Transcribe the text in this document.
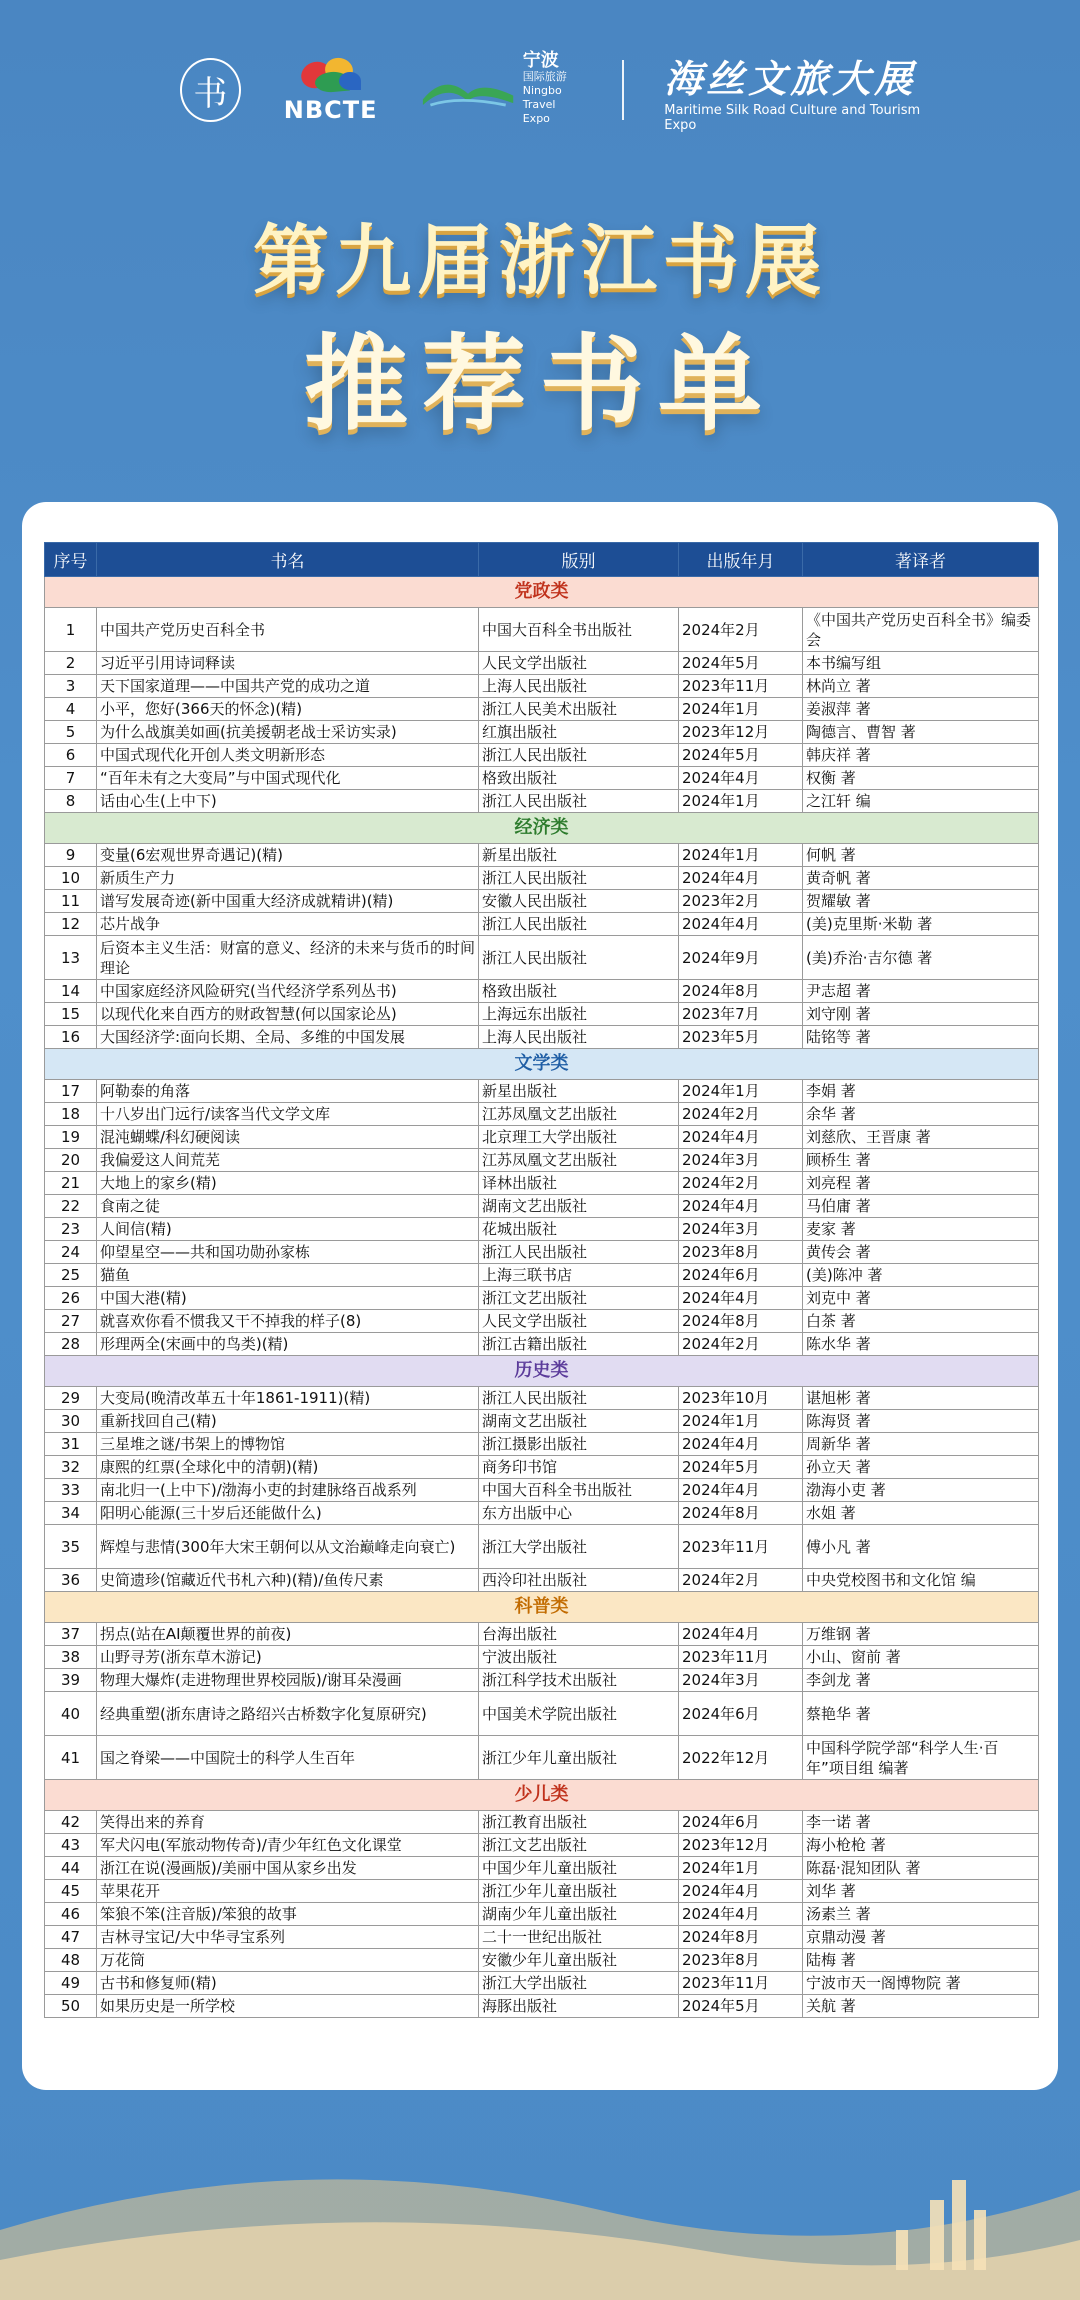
书 NBCTE
宁波
国际旅游
Ningbo
Travel Expo
海丝文旅大展
Maritime Silk Road Culture and Tourism Expo
第九届浙江书展
推荐书单
序号	书名	版别	出版年月	著译者
党政类				
1	中国共产党历史百科全书	中国大百科全书出版社	2024年2月	《中国共产党历史百科全书》编委会
2	习近平引用诗词释读	人民文学出版社	2024年5月	本书编写组
3	天下国家道理——中国共产党的成功之道	上海人民出版社	2023年11月	林尚立 著
4	小平，您好(366天的怀念)(精)	浙江人民美术出版社	2024年1月	姜淑萍 著
5	为什么战旗美如画(抗美援朝老战士采访实录)	红旗出版社	2023年12月	陶德言、曹智 著
6	中国式现代化开创人类文明新形态	浙江人民出版社	2024年5月	韩庆祥 著
7	“百年未有之大变局”与中国式现代化	格致出版社	2024年4月	权衡 著
8	话由心生(上中下)	浙江人民出版社	2024年1月	之江轩 编
经济类				
9	变量(6宏观世界奇遇记)(精)	新星出版社	2024年1月	何帆 著
10	新质生产力	浙江人民出版社	2024年4月	黄奇帆 著
11	谱写发展奇迹(新中国重大经济成就精讲)(精)	安徽人民出版社	2023年2月	贺耀敏 著
12	芯片战争	浙江人民出版社	2024年4月	(美)克里斯·米勒 著
13	后资本主义生活：财富的意义、经济的未来与货币的时间理论	浙江人民出版社	2024年9月	(美)乔治·吉尔德 著
14	中国家庭经济风险研究(当代经济学系列丛书)	格致出版社	2024年8月	尹志超 著
15	以现代化来自西方的财政智慧(何以国家论丛)	上海远东出版社	2023年7月	刘守刚 著
16	大国经济学:面向长期、全局、多维的中国发展	上海人民出版社	2023年5月	陆铭等 著
文学类				
17	阿勒泰的角落	新星出版社	2024年1月	李娟 著
18	十八岁出门远行/读客当代文学文库	江苏凤凰文艺出版社	2024年2月	余华 著
19	混沌蝴蝶/科幻硬阅读	北京理工大学出版社	2024年4月	刘慈欣、王晋康 著
20	我偏爱这人间荒芜	江苏凤凰文艺出版社	2024年3月	顾桥生 著
21	大地上的家乡(精)	译林出版社	2024年2月	刘亮程 著
22	食南之徒	湖南文艺出版社	2024年4月	马伯庸 著
23	人间信(精)	花城出版社	2024年3月	麦家 著
24	仰望星空——共和国功勋孙家栋	浙江人民出版社	2023年8月	黄传会 著
25	猫鱼	上海三联书店	2024年6月	(美)陈冲 著
26	中国大港(精)	浙江文艺出版社	2024年4月	刘克中 著
27	就喜欢你看不惯我又干不掉我的样子(8)	人民文学出版社	2024年8月	白茶 著
28	形理两全(宋画中的鸟类)(精)	浙江古籍出版社	2024年2月	陈水华 著
历史类				
29	大变局(晚清改革五十年1861-1911)(精)	浙江人民出版社	2023年10月	谌旭彬 著
30	重新找回自己(精)	湖南文艺出版社	2024年1月	陈海贤 著
31	三星堆之谜/书架上的博物馆	浙江摄影出版社	2024年4月	周新华 著
32	康熙的红票(全球化中的清朝)(精)	商务印书馆	2024年5月	孙立天 著
33	南北归一(上中下)/渤海小吏的封建脉络百战系列	中国大百科全书出版社	2024年4月	渤海小吏 著
34	阳明心能源(三十岁后还能做什么)	东方出版中心	2024年8月	水姐 著
35	辉煌与悲情(300年大宋王朝何以从文治巅峰走向衰亡)	浙江大学出版社	2023年11月	傅小凡 著
36	史简遗珍(馆藏近代书札六种)(精)/鱼传尺素	西泠印社出版社	2024年2月	中央党校图书和文化馆 编
科普类				
37	拐点(站在AI颠覆世界的前夜)	台海出版社	2024年4月	万维钢 著
38	山野寻芳(浙东草木游记)	宁波出版社	2023年11月	小山、窗前 著
39	物理大爆炸(走进物理世界校园版)/谢耳朵漫画	浙江科学技术出版社	2024年3月	李剑龙 著
40	经典重塑(浙东唐诗之路绍兴古桥数字化复原研究)	中国美术学院出版社	2024年6月	蔡艳华 著
41	国之脊梁——中国院士的科学人生百年	浙江少年儿童出版社	2022年12月	中国科学院学部“科学人生·百年”项目组 编著
少儿类				
42	笑得出来的养育	浙江教育出版社	2024年6月	李一诺 著
43	军犬闪电(军旅动物传奇)/青少年红色文化课堂	浙江文艺出版社	2023年12月	海小枪枪 著
44	浙江在说(漫画版)/美丽中国从家乡出发	中国少年儿童出版社	2024年1月	陈磊·混知团队 著
45	苹果花开	浙江少年儿童出版社	2024年4月	刘华 著
46	笨狼不笨(注音版)/笨狼的故事	湖南少年儿童出版社	2024年4月	汤素兰 著
47	吉林寻宝记/大中华寻宝系列	二十一世纪出版社	2024年8月	京鼎动漫 著
48	万花筒	安徽少年儿童出版社	2023年8月	陆梅 著
49	古书和修复师(精)	浙江大学出版社	2023年11月	宁波市天一阁博物院 著
50	如果历史是一所学校	海豚出版社	2024年5月	关航 著
